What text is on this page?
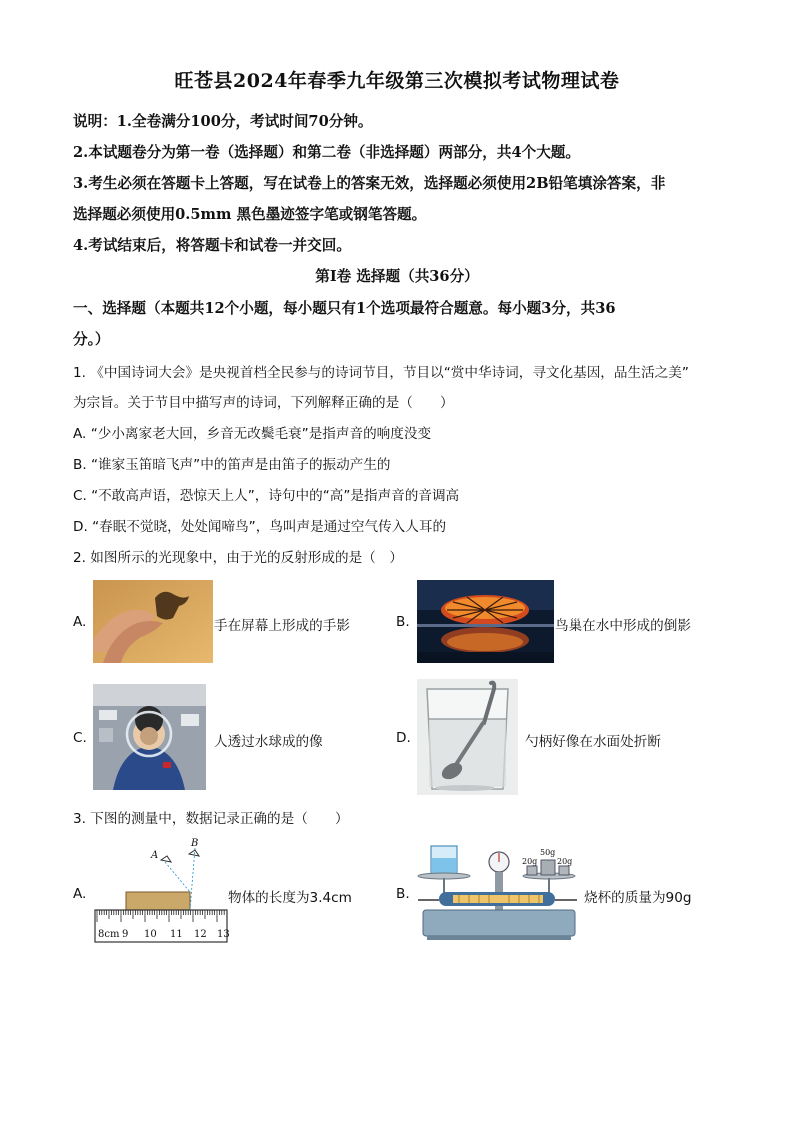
旺苍县2024年春季九年级第三次模拟考试物理试卷
说明：1.全卷满分100分，考试时间70分钟。
2.本试题卷分为第一卷（选择题）和第二卷（非选择题）两部分，共4个大题。
3.考生必须在答题卡上答题，写在试卷上的答案无效，选择题必须使用2B铅笔填涂答案，非
选择题必须使用0.5mm 黑色墨迹签字笔或钢笔答题。
4.考试结束后，将答题卡和试卷一并交回。
第Ⅰ卷 选择题（共36分）
一、选择题（本题共12个小题，每小题只有1个选项最符合题意。每小题3分，共36
分。）
1. 《中国诗词大会》是央视首档全民参与的诗词节目，节目以“赏中华诗词，寻文化基因，品生活之美”
为宗旨。关于节目中描写声的诗词，下列解释正确的是（　　）
A. “少小离家老大回，乡音无改鬓毛衰”是指声音的响度没变
B. “谁家玉笛暗飞声”中的笛声是由笛子的振动产生的
C. “不敢高声语，恐惊天上人”，诗句中的“高”是指声音的音调高
D. “春眠不觉晓，处处闻啼鸟”，鸟叫声是通过空气传入人耳的
2. 如图所示的光现象中，由于光的反射形成的是（　）
A.	手在屏幕上形成的手影	B.	鸟巢在水中形成的倒影
C.	人透过水球成的像	D.	勺柄好像在水面处折断
3. 下图的测量中，数据记录正确的是（　　）
A.
A
B
8cm 9 10 11 12 13
物体的长度为3.4cm	B.
50g
20g 20g
烧杯的质量为90g
